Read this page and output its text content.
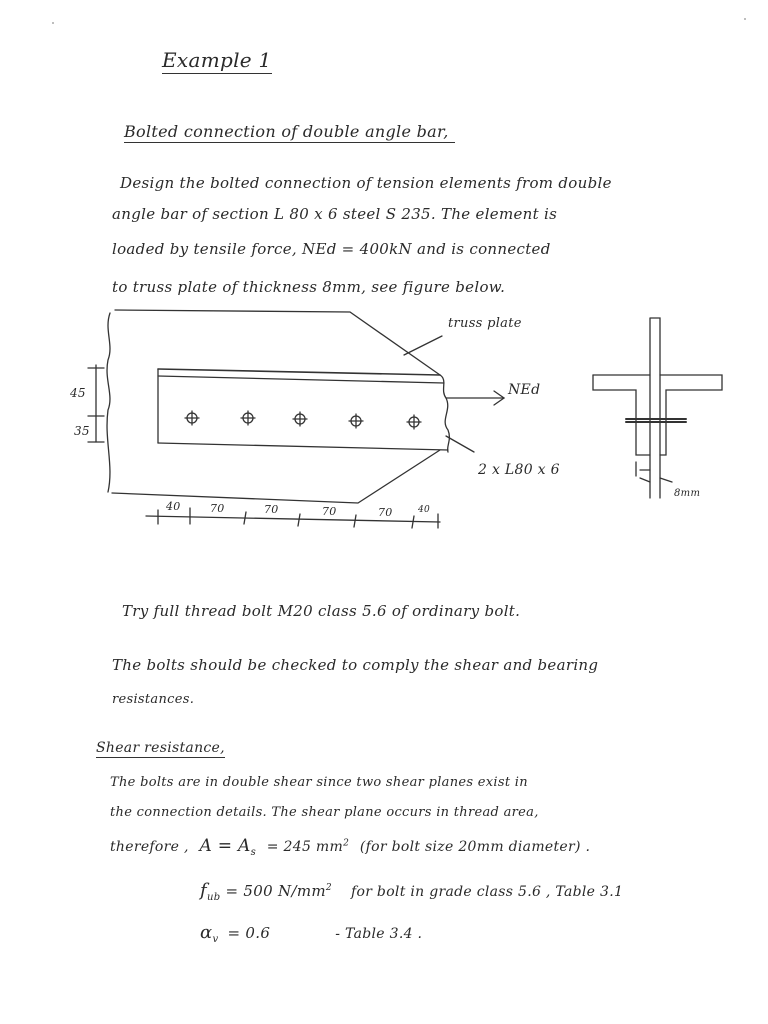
Example 1
Bolted connection of double angle bar,
Design the bolted connection of tension elements from double
angle bar of section L 80 x 6 steel S 235. The element is
loaded by tensile force, NEd = 400kN and is connected
to truss plate of thickness 8mm, see figure below.
truss plate
NEd
2 x L80 x 6
8mm
45
35
40	70	70	70	70	40
Try full thread bolt M20 class 5.6 of ordinary bolt.
The bolts should be checked to comply the shear and bearing
resistances.
Shear resistance,
The bolts are in double shear since two shear planes exist in
the connection details. The shear plane occurs in thread area,
therefore , $A = A_s = 245$ $mm^2$ (for bolt size 20mm diameter) .
$f_{ub} = 500$ $N/mm^2$ for bolt in grade class 5.6 , Table 3.1
$\alpha_v = 0.6$	- Table 3.4 .
